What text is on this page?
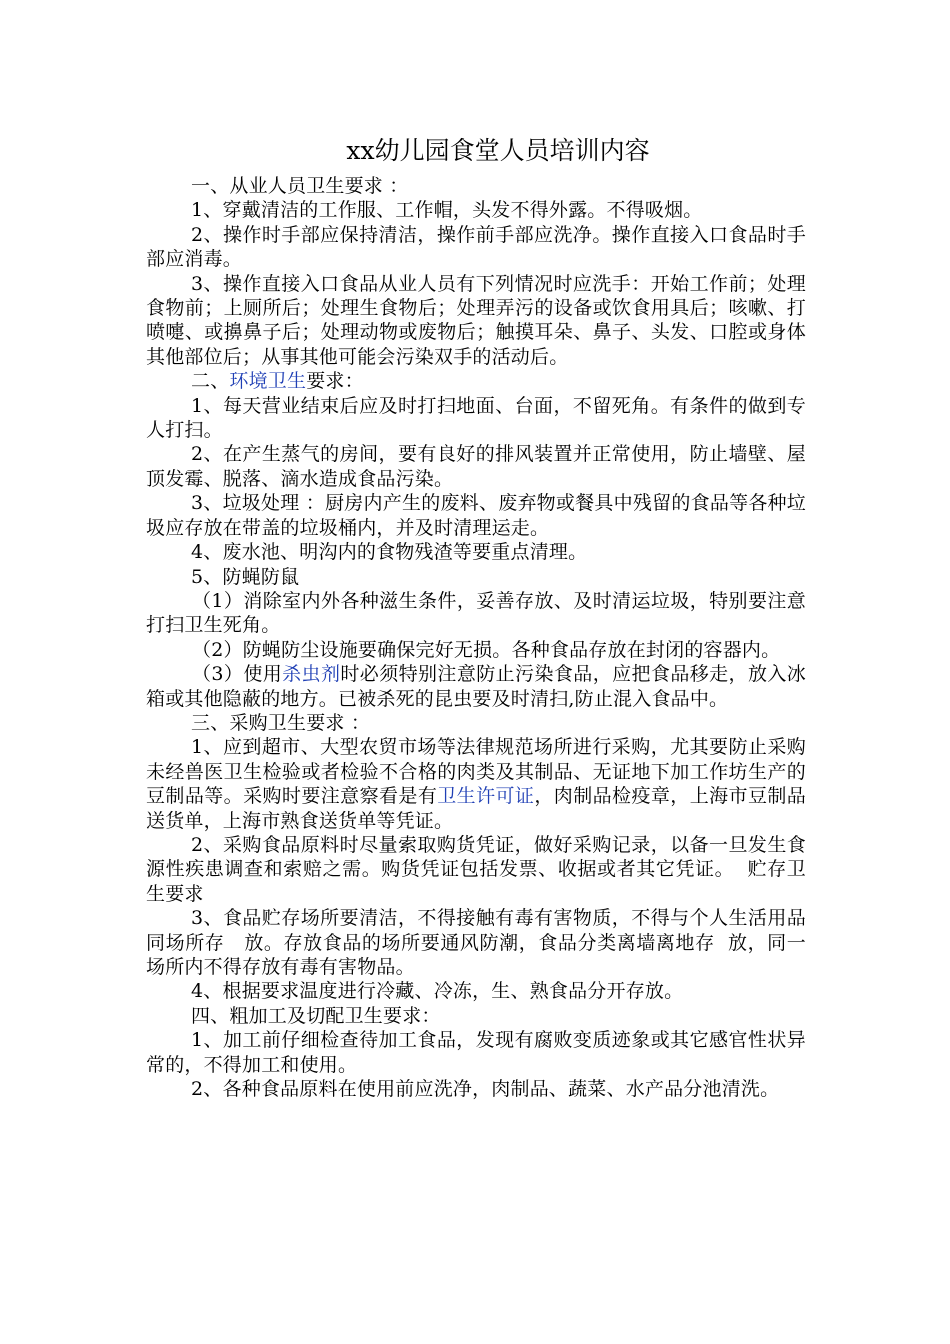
xx幼儿园食堂人员培训内容

一、从业人员卫生要求 ：

1、穿戴清洁的工作服、工作帽，头发不得外露。不得吸烟。

2、操作时手部应保持清洁，操作前手部应洗净。操作直接入口食品时手部应消毒。

3、操作直接入口食品从业人员有下列情况时应洗手：开始工作前；处理食物前；上厕所后；处理生食物后；处理弄污的设备或饮食用具后；咳嗽、打喷嚏、或擤鼻子后；处理动物或废物后；触摸耳朵、鼻子、头发、口腔或身体其他部位后；从事其他可能会污染双手的活动后。

二、环境卫生要求：

1、每天营业结束后应及时打扫地面、台面，不留死角。有条件的做到专人打扫。

2、在产生蒸气的房间，要有良好的排风装置并正常使用，防止墙壁、屋顶发霉、脱落、滴水造成食品污染。

3、垃圾处理 ：厨房内产生的废料、废弃物或餐具中残留的食品等各种垃圾应存放在带盖的垃圾桶内，并及时清理运走。

4、废水池、明沟内的食物残渣等要重点清理。

5、防蝇防鼠

（1）消除室内外各种滋生条件，妥善存放、及时清运垃圾，特别要注意打扫卫生死角。

（2）防蝇防尘设施要确保完好无损。各种食品存放在封闭的容器内。

（3）使用杀虫剂时必须特别注意防止污染食品，应把食品移走，放入冰箱或其他隐蔽的地方。已被杀死的昆虫要及时清扫,防止混入食品中。

三、采购卫生要求 ：

1、应到超市、大型农贸市场等法律规范场所进行采购，尤其要防止采购未经兽医卫生检验或者检验不合格的肉类及其制品、无证地下加工作坊生产的豆制品等。采购时要注意察看是有卫生许可证，肉制品检疫章，上海市豆制品送货单，上海市熟食送货单等凭证。

2、采购食品原料时尽量索取购货凭证，做好采购记录，以备一旦发生食源性疾患调查和索赔之需。购货凭证包括发票、收据或者其它凭证。  贮存卫生要求

3、食品贮存场所要清洁，不得接触有毒有害物质，不得与个人生活用品同场所存 放。存放食品的场所要通风防潮，食品分类离墙离地存 放，同一场所内不得存放有毒有害物品。

4、根据要求温度进行冷藏、冷冻，生、熟食品分开存放。

四、粗加工及切配卫生要求：

1、加工前仔细检查待加工食品，发现有腐败变质迹象或其它感官性状异常的，不得加工和使用。

2、各种食品原料在使用前应洗净，肉制品、蔬菜、水产品分池清洗。
